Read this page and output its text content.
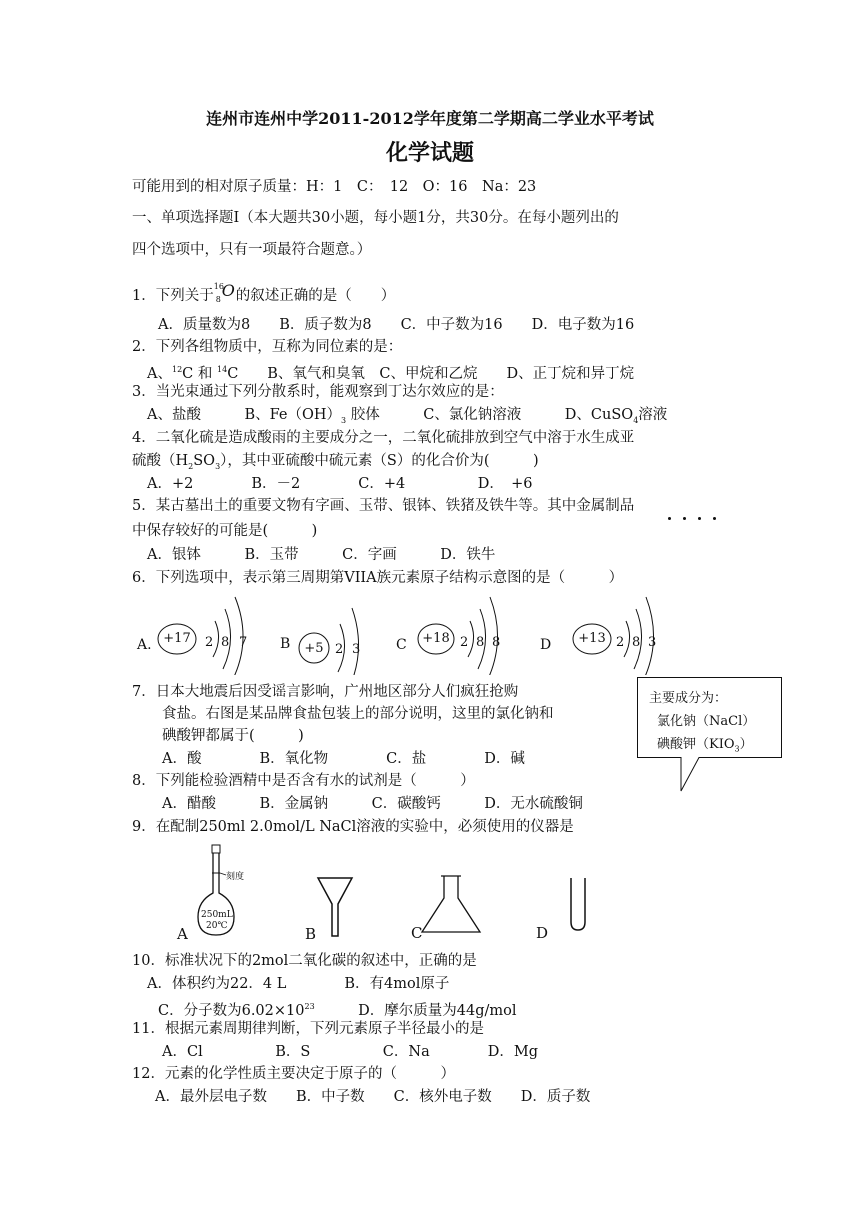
连州市连州中学2011-2012学年度第二学期高二学业水平考试
化学试题
可能用到的相对原子质量：H：1　C：　12　O：16　Na：23
一、单项选择题Ⅰ（本大题共30小题，每小题1分，共30分。在每小题列出的
四个选项中，只有一项最符合题意。）
1．下列关于
16
8 O 的叙述正确的是（　　）
A．质量数为8　　B．质子数为8　　C．中子数为16　　D．电子数为16
2．下列各组物质中，互称为同位素的是：
A、$^{12}$C 和 $^{14}$C　　B、氧气和臭氧　C、甲烷和乙烷　　D、正丁烷和异丁烷
3．当光束通过下列分散系时，能观察到丁达尔效应的是：
A、盐酸　　　B、$Fe(OH)_3$ 胶体　　　C、氯化钠溶液　　　D、CuSO$_4$溶液
4．二氧化硫是造成酸雨的主要成分之一，二氧化硫排放到空气中溶于水生成亚
硫酸$(H_2SO_3)$，其中亚硫酸中硫元素（S）的化合价为(　　　)
A．+2　　　　B．－2　　　　C．+4　　　　　D．　+6
5．某古墓出土的重要文物有字画、玉带、银钵、铁猪及铁牛等。其中金属制品
中保存较好的可能是(　　　)
A．银钵　　　B．玉带　　　C．字画　　　D．铁牛
6．下列选项中，表示第三周期第VIIA族元素原子结构示意图的是（　　　）
A. +17 2 8 7 B	+5 2 3	C +18 2 8 8	D +13 2 8 3
7．日本大地震后因受谣言影响，广州地区部分人们疯狂抢购
食盐。右图是某品牌食盐包装上的部分说明，这里的氯化钠和
碘酸钾都属于(　　　)
A．酸　　　　B．氧化物　　　　C．盐　　　　D．碱
主要成分为：
氯化钠（NaCl）
碘酸钾$(KIO_3)$
8．下列能检验酒精中是否含有水的试剂是（　　　）
A．醋酸　　　B．金属钠　　　C．碳酸钙　　　D．无水硫酸铜
9．在配制250ml 2.0mol/L NaCl溶液的实验中，必须使用的仪器是
刻度
250mL
20℃
A	B	C	D
10．标准状况下的2mol二氧化碳的叙述中，正确的是
A．体积约为22．4 L　　　　B．有4mol原子
C．分子数为$6.02\times 10^{23}$　　　D．摩尔质量为44g/mol
11．根据元素周期律判断，下列元素原子半径最小的是
A．Cl　　　　　B．S　　　　　C．Na　　　　D．Mg
12．元素的化学性质主要决定于原子的（　　　）
A．最外层电子数　　B．中子数　　C．核外电子数　　D．质子数
